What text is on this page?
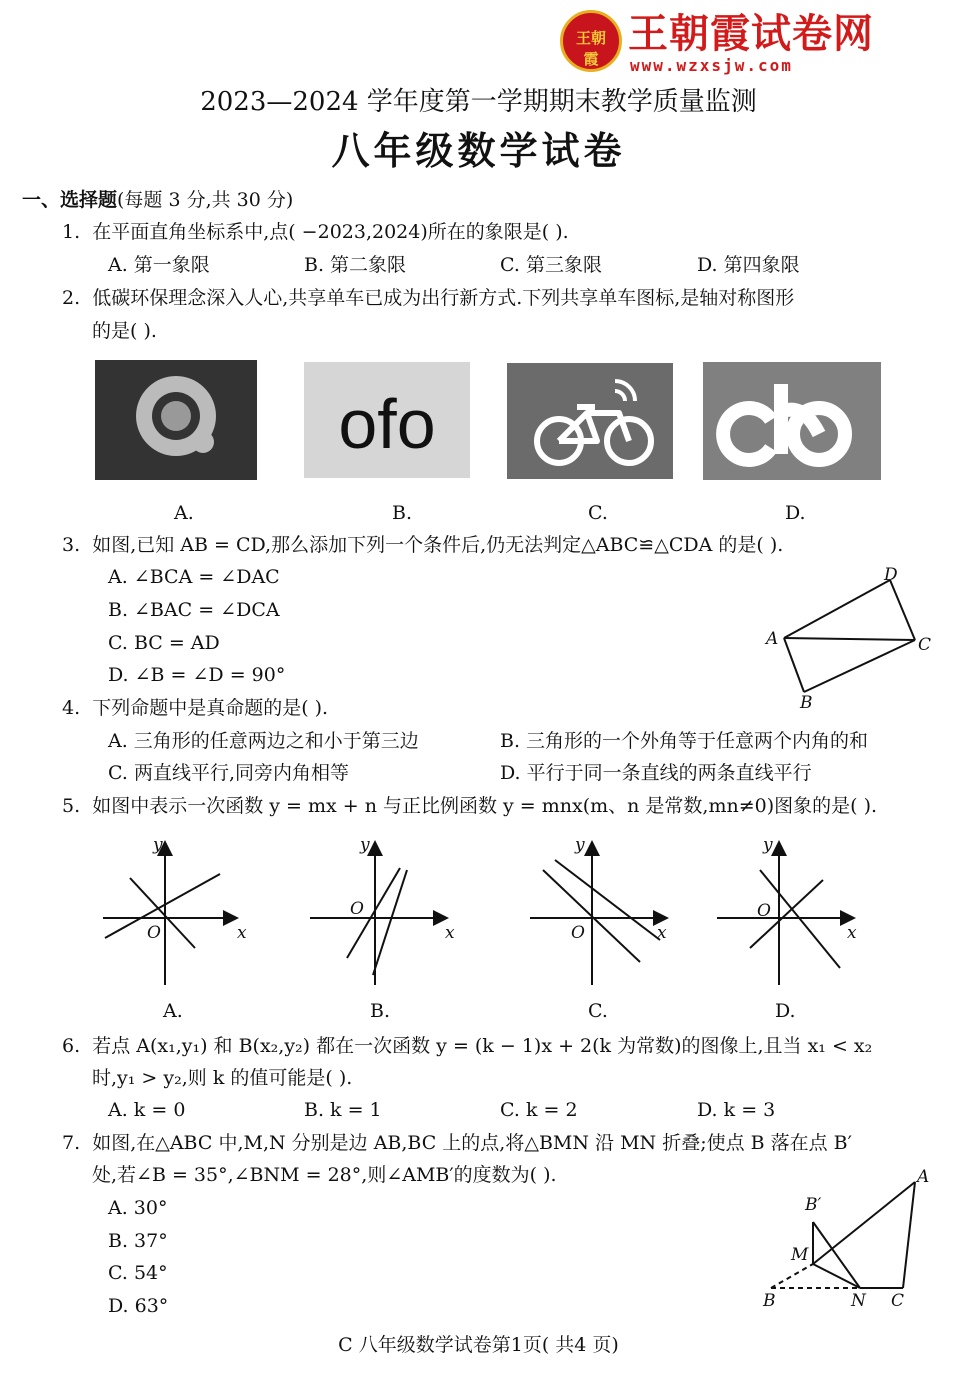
王朝霞
王朝霞试卷网
www.wzxsjw.com
2023—2024 学年度第一学期期末教学质量监测
八年级数学试卷
一、选择题(每题 3 分,共 30 分)
1. 在平面直角坐标系中,点( −2023,2024)所在的象限是( ).
A. 第一象限	B. 第二象限	C. 第三象限	D. 第四象限
2. 低碳环保理念深入人心,共享单车已成为出行新方式.下列共享单车图标,是轴对称图形
的是( ).
ofo
A.	B.	C.	D.
3. 如图,已知 AB = CD,那么添加下列一个条件后,仍无法判定△ABC≌△CDA 的是( ).
A. ∠BCA = ∠DAC
B. ∠BAC = ∠DCA
C. BC = AD
D. ∠B = ∠D = 90°
D
A	C
B
4. 下列命题中是真命题的是( ).
A. 三角形的任意两边之和小于第三边	B. 三角形的一个外角等于任意两个内角的和
C. 两直线平行,同旁内角相等	D. 平行于同一条直线的两条直线平行
5. 如图中表示一次函数 y = mx + n 与正比例函数 y = mnx(m、n 是常数,mn≠0)图象的是( ).
y
x
O
y
x
O
y
x
O
y
x
O
A.	B.	C.	D.
6. 若点 A(x₁,y₁) 和 B(x₂,y₂) 都在一次函数 y = (k − 1)x + 2(k 为常数)的图像上,且当 x₁ < x₂
时,y₁ > y₂,则 k 的值可能是( ).
A. k = 0	B. k = 1	C. k = 2	D. k = 3
7. 如图,在△ABC 中,M,N 分别是边 AB,BC 上的点,将△BMN 沿 MN 折叠;使点 B 落在点 B′
处,若∠B = 35°,∠BNM = 28°,则∠AMB′的度数为( ).
A. 30°
B. 37°
C. 54°
D. 63°
A
B′
M
B	N C
C 八年级数学试卷第1页( 共4 页)
